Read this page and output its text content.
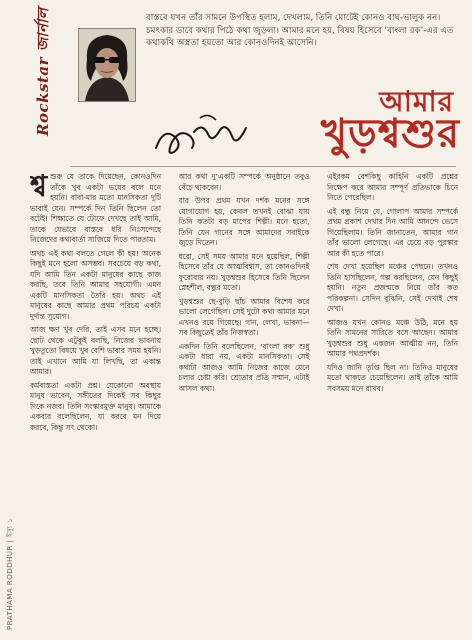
Rockstar জার্নাল	বাস্তবে যখন তাঁর সামনে উপস্থিত হলাম, দেখলাম, তিনি মোটেই কোনও বাঘ-ভালুক নন। চমৎকার ডাবে কথার পিঠে কথা জুড়লা। আমার মনে হয়, বিষয় হিসেবে ‘বাংলা রক’-এর এত কথাকথি অস্ত্রতা হয়তো আর কোনওদিনই আসেনি।
আমার
খুড়শ্বশুর

শ্ব শুরু যে তাকে দিয়েছেন, কোনওদিন তাঁকে খুব একটা ভয়ের বলে মনে হয়নি। বাবা-মার মতো মানসিকতা দুটি ভাবাই যেন। সম্পর্কে দিন তিনি ছিলেন তো বটেই! শিক্ষাতে যে টোফে দেখছে তাই আমি, তাকে যেভাবে বাস্তবে ধরি নিঃসন্দেহে নিজেদের কথাবার্তা সাজিয়ে দিতে পারতাম।

অথচ এই কথা বলতে গেলে কী হয়! অনেক কিছুই মনে হলো অসম্ভব। সবচেয়ে বড় কথা, যদি আমি তিন একটা মানুষের কাছে কাজ করছি, তবে তিনি আমার সহযোগী। এমন একটি মানসিকতা তৈরি হয়। অথচ এই মানুষের কাছে আমার প্রথম পরিচয় একটা দুর্দান্ত সুযোগ।

আজ ক্ষণ খুব দেরি, তাই এসব মনে হচ্ছে। ছোট থেকে এটুকুই বলছি, নিজের ভাবনায় খুড়তুতো বিষয়ে খুব বেশি ভাবার সময় হয়নি। তাই এখানে আমি যা লিখছি, তা একান্ত আমার।

কর্মব্যস্ততা একটা প্রশ্ন। যেকোনো অবস্থায় মানুষ ভাবেন, সঙ্গীতের দিকেই সব কিছুর দিকে নজর। তিনি সংস্কারমুক্ত মানুষ। আমাকে একবার বলেছিলেন, যা করবে মন দিয়ে করবে, কিন্তু সৎ থেকো।

আর কথা দু’একটি সম্পর্কে অনুষ্ঠানে তবুও বেঁচে থাকবেন।

যার উপর প্রথম যখন দর্শক মনের সঙ্গে যোগাযোগ হয়, কেবল তখনই বোঝা যায় তিনি কতটা বড় মাপের শিল্পী। মনে হতো, তিনি যেন গানের সঙ্গে আমাদের সবাইকে জুড়ে দিতেন।

ধরো, সেই সময় আমার মনে হয়েছিল, শিল্পী হিসেবে তাঁর যে আত্মবিশ্বাস, তা কোনওদিনই ফুরোবার নয়। খুড়শ্বশুর হিসেবে তিনি ছিলেন স্নেহশীল, বন্ধুর মতো।

খুড়শ্বশুর ছে-বুড়ি ছাঁচ আমার বিশেষ করে ভালো লেগেছিল। সেই দুটো কথা আমার মনে এখনও রয়ে গিয়েছে। গান, লেখা, ভাবনা—সব কিছুতেই তাঁর নিজস্বতা।

একদিন তিনি বলেছিলেন, ‘বাংলা রক’ শুধু একটা ধারা নয়, একটা মানসিকতা। সেই কথাটা আজও আমি নিজের কাজে মেনে চলার চেষ্টা করি। শ্রোতার প্রতি সম্মান, এটাই আসল কথা।

এইরকম বেশকিছু কাহিনি একটি প্রশ্নের নিক্ষেপ করে আমার সম্পূর্ণ প্রতিভাকে চিনে নিতে পেরেছিল।

এই বন্ধু নিয়ে যে, গোলাপ আমার সম্পর্কে প্রথম প্রকাশ দেখার দিন আমি আনন্দে ভেসে গিয়েছিলাম। তিনি জানাতেন, আমার গান তাঁর ভালো লেগেছে। এর চেয়ে বড় পুরস্কার আর কী হতে পারে।

শেষ দেখা হয়েছিল মঞ্চের পেছনে। তখনও তিনি হাসছিলেন, গল্প করছিলেন, যেন কিছুই হয়নি। নতুন প্রজন্মকে নিয়ে তাঁর কত পরিকল্পনা। সেদিন বুঝিনি, সেই দেখাই শেষ দেখা।

আজও যখন কোনও মঞ্চে উঠি, মনে হয় তিনি সামনের সারিতে বসে আছেন। আমার খুড়শ্বশুর শুধু একজন আত্মীয় নন, তিনি আমার পথপ্রদর্শক।

যদিও জানি তৃপ্তি ছিল না। তিনিও মানুষের মতো থাকতে চেয়েছিলেন। তাই তাঁকে আমি সবসময় মনে রাখব।

PRATHAMA RODDHUR | ইস্যু ১
